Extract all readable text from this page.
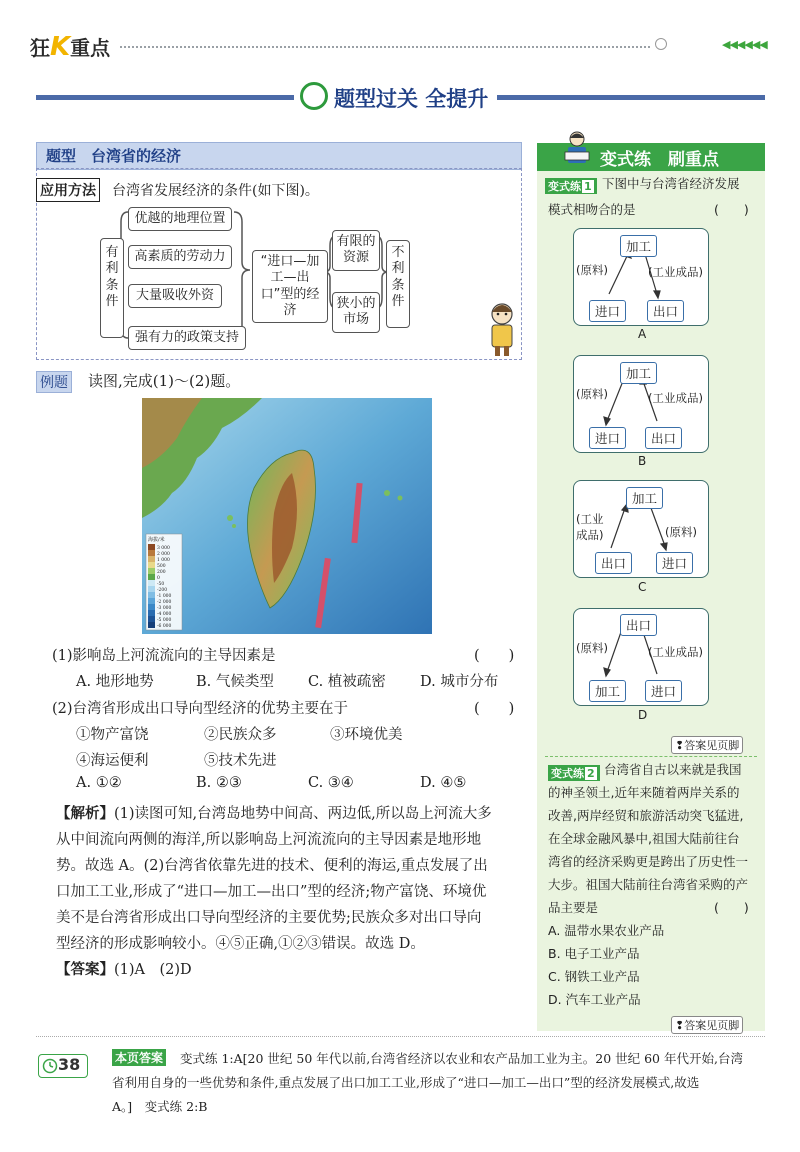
狂K重点	◀◀◀◀◀◀
题型过关 全提升
题型　台湾省的经济
应用方法 台湾省发展经济的条件(如下图)。
有利条件
优越的地理位置
高素质的劳动力
大量吸收外资
强有力的政策支持
“进口—加工—出口”型的经济
有限的资源
狭小的市场
不利条件
例题 读图,完成(1)～(2)题。
海拔/米
3 000
2 000
1 000
500
200
0
-50
-200
-1 000
-2 000
-3 000
-4 000
-5 000
-6 000
(1)影响岛上河流流向的主导因素是	(　　)
A. 地形地势	B. 气候类型 C. 植被疏密 D. 城市分布
(2)台湾省形成出口导向型经济的优势主要在于	(　　)
①物产富饶	②民族众多	③环境优美
④海运便利	⑤技术先进
A. ①②	B. ②③	C. ③④	D. ④⑤
【解析】(1)读图可知,台湾岛地势中间高、两边低,所以岛上河流大多
从中间流向两侧的海洋,所以影响岛上河流流向的主导因素是地形地
势。故选 A。(2)台湾省依靠先进的技术、便利的海运,重点发展了出
口加工工业,形成了“进口—加工—出口”型的经济;物产富饶、环境优
美不是台湾省形成出口导向型经济的主要优势;民族众多对出口导向
型经济的形成影响较小。④⑤正确,①②③错误。故选 D。
【答案】(1)A　(2)D
变式练　刷重点
变式练 1 下图中与台湾省经济发展
模式相吻合的是	(　　)
加工
进口	出口
(原料)	(工业成品)
A
加工
进口	出口
(原料)	(工业成品)
B
加工
出口	进口
(工业成品)	(原料)
C
出口
加工	进口
(原料)	(工业成品)
D
❢答案见页脚
变式练 2 台湾省自古以来就是我国
的神圣领土,近年来随着两岸关系的
改善,两岸经贸和旅游活动突飞猛进,
在全球金融风暴中,祖国大陆前往台
湾省的经济采购更是跨出了历史性一
大步。祖国大陆前往台湾省采购的产
品主要是	(　　)
A. 温带水果农业产品
B. 电子工业产品
C. 钢铁工业产品
D. 汽车工业产品
❢答案见页脚
38	本页答案 变式练 1:A[20 世纪 50 年代以前,台湾省经济以农业和农产品加工业为主。20 世纪 60 年代开始,台湾
省利用自身的一些优势和条件,重点发展了出口加工工业,形成了“进口—加工—出口”型的经济发展模式,故选
A。]　变式练 2:B
